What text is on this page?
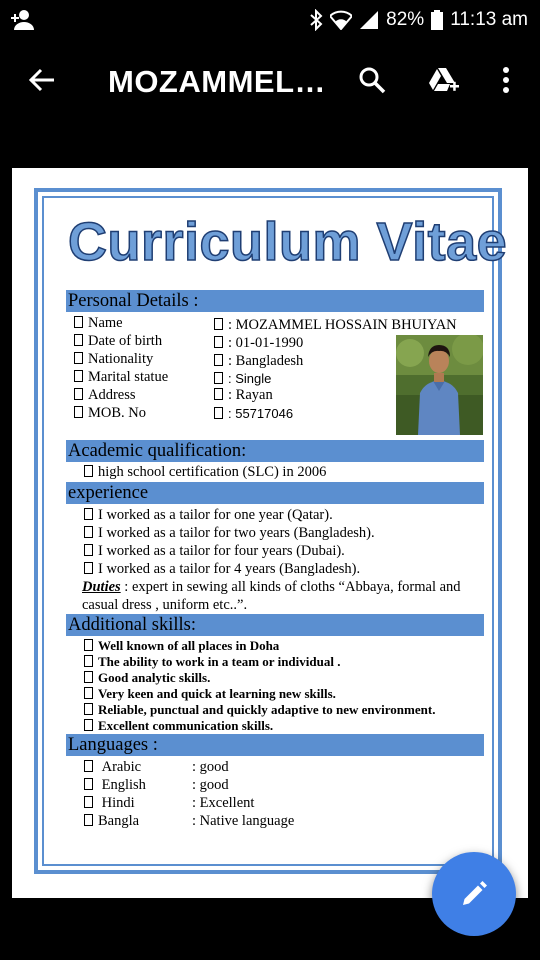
82% 11:13 am
MOZAMMEL…
Curriculum Vitae
Personal Details :
Name
Date of birth
Nationality
Marital statue
Address
MOB. No
: MOZAMMEL HOSSAIN BHUIYAN
: 01-01-1990
: Bangladesh
: Single
: Rayan
: 55717046
Academic qualification:
high school certification (SLC) in 2006
experience
I worked as a tailor for one year (Qatar).
I worked as a tailor for two years (Bangladesh).
I worked as a tailor for four years (Dubai).
I worked as a tailor for 4 years (Bangladesh).
Duties : expert in sewing all kinds of cloths “Abbaya, formal and
casual dress , uniform etc..”.
Additional skills:
Well known of all places in Doha
The ability to work in a team or individual .
Good analytic skills.
Very keen and quick at learning new skills.
Reliable, punctual and quickly adaptive to new environment.
Excellent communication skills.
Languages :
Arabic
English
Hindi
Bangla
: good
: good
: Excellent
: Native language
